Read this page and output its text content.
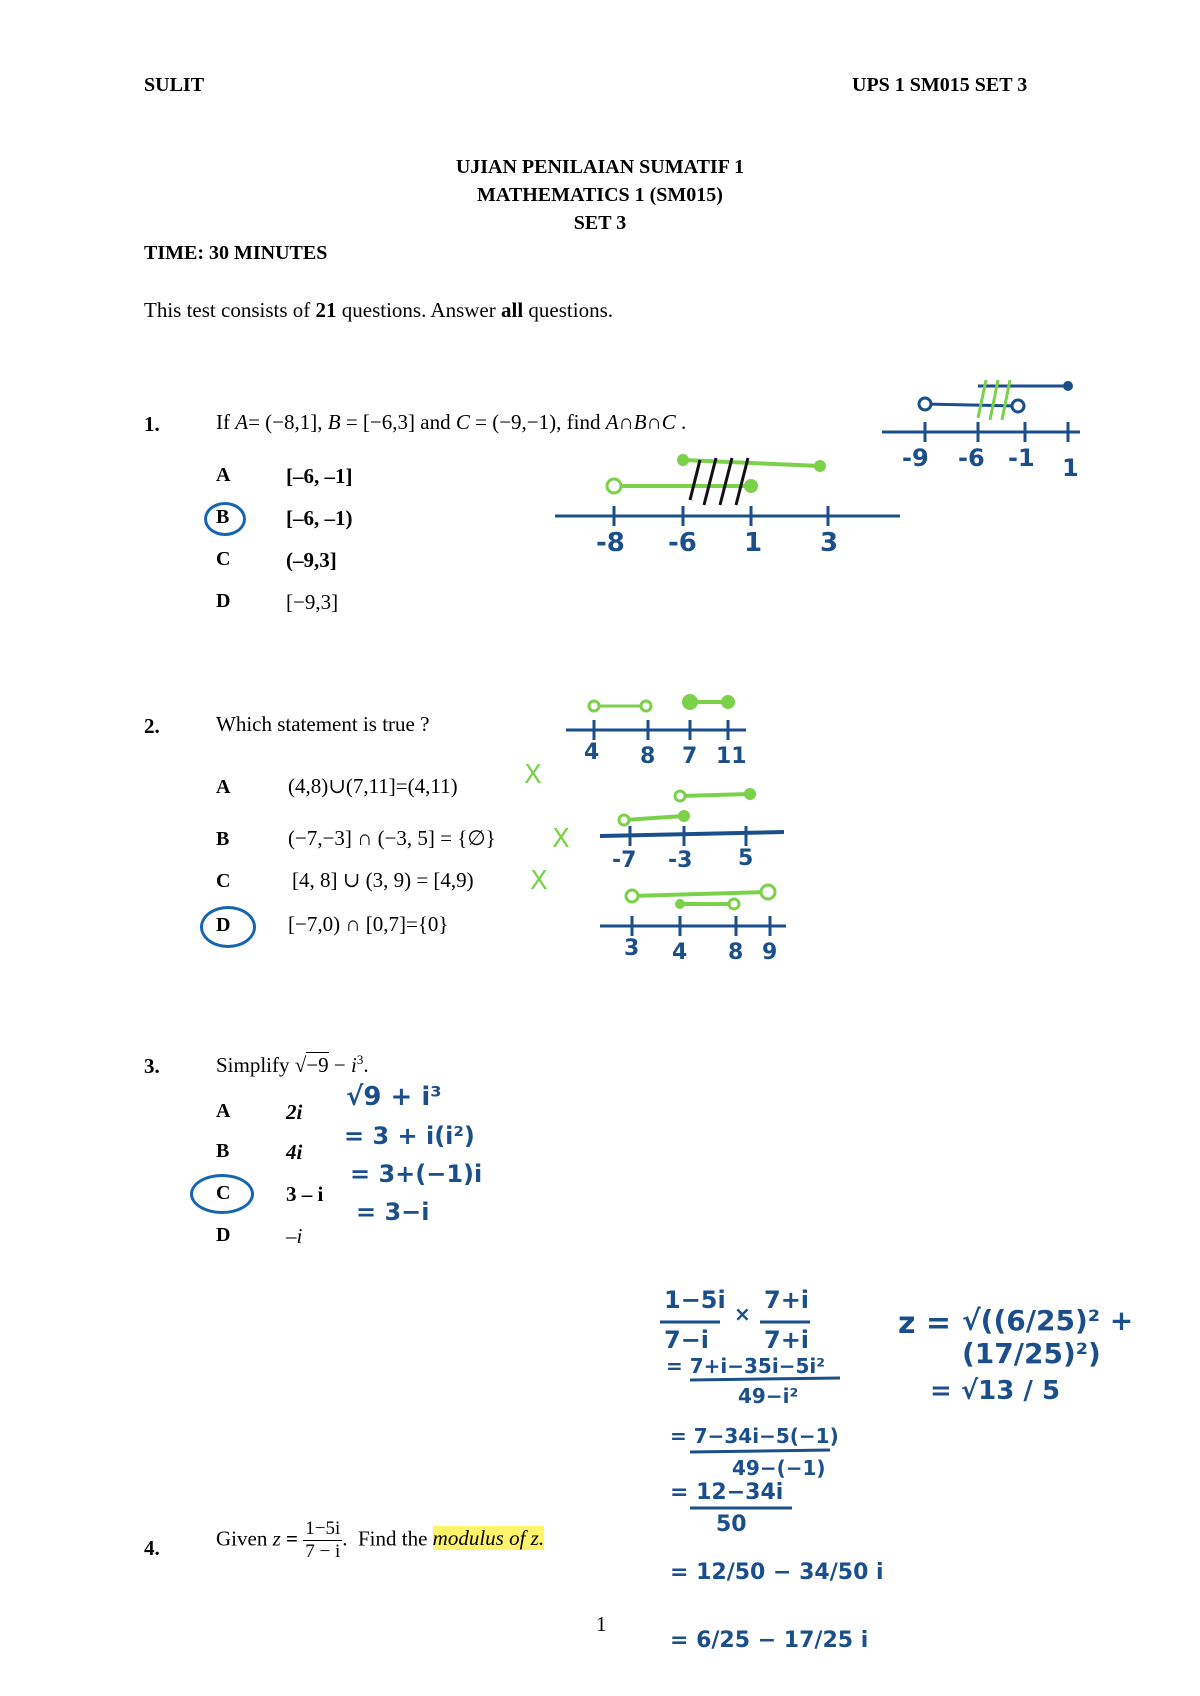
SULIT	UPS 1 SM015 SET 3
UJIAN PENILAIAN SUMATIF 1
MATHEMATICS 1 (SM015)
SET 3
TIME: 30 MINUTES
This test consists of 21 questions. Answer all questions.
1.	If A= (−8,1], B = [−6,3] and C = (−9,−1), find A∩B∩C .
A	[–6, –1]
B	[–6, –1)
C	(–9,3]
D	[−9,3]
-8 -6 1 3
-9 -6 -1 1
2.	Which statement is true ?
A	(4,8)∪(7,11]=(4,11)	X
B	(−7,−3] ∩ (−3, 5] = {∅} X
C	[4, 8] ∪ (3, 9) = [4,9) X
D	[−7,0) ∩ [0,7]={0}
4 8 7 11
-7 -3 5
3 4 8 9
3.	Simplify $√-9 - i^3$.
A	2i
B	4i
C	3 – i
D	–i
√9 + i³
= 3 + i(i²)
= 3+(−1)i
= 3−i
4.	Given $z = \frac{1-5i}{7 - i}$ . Find the modulus of z.
1−5i
7−i
× 7+i
7+i
= 7+i−35i−5i²
49−i²
= 7−34i−5(−1)
49−(−1)
= 12−34i
50
= 12/50 − 34/50 i
= 6/25 − 17/25 i
z = √((6/25)² + (17/25)²)
= √13 / 5
1
